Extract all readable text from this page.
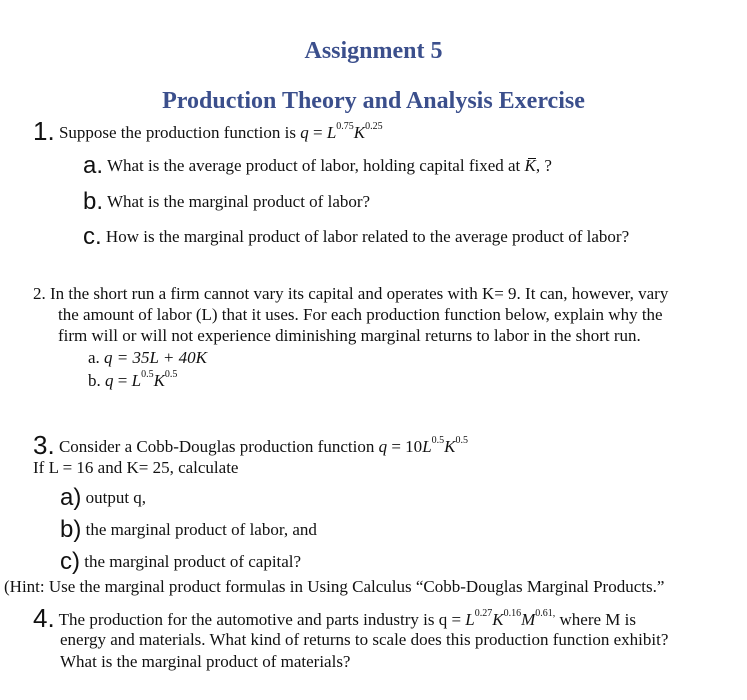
Assignment 5
Production Theory and Analysis Exercise
1. Suppose the production function is $q = L^{0.75}K^{0.25}$
a. What is the average product of labor, holding capital fixed at K, ?
b. What is the marginal product of labor?
c. How is the marginal product of labor related to the average product of labor?
2. In the short run a firm cannot vary its capital and operates with K= 9. It can, however, vary
the amount of labor (L) that it uses. For each production function below, explain why the
firm will or will not experience diminishing marginal returns to labor in the short run.
a. q = 35L + 40K
b. $q = L^{0.5}K^{0.5}$
3. Consider a Cobb-Douglas production function $q = 10L^{0.5}K^{0.5}$
If L = 16 and K= 25, calculate
a) output q,
b) the marginal product of labor, and
c) the marginal product of capital?
(Hint: Use the marginal product formulas in Using Calculus “Cobb-Douglas Marginal Products.”
4. The production for the automotive and parts industry is $q = L^{0.27}K^{0.16}M^{0.61,}$ where M is
energy and materials. What kind of returns to scale does this production function exhibit?
What is the marginal product of materials?
